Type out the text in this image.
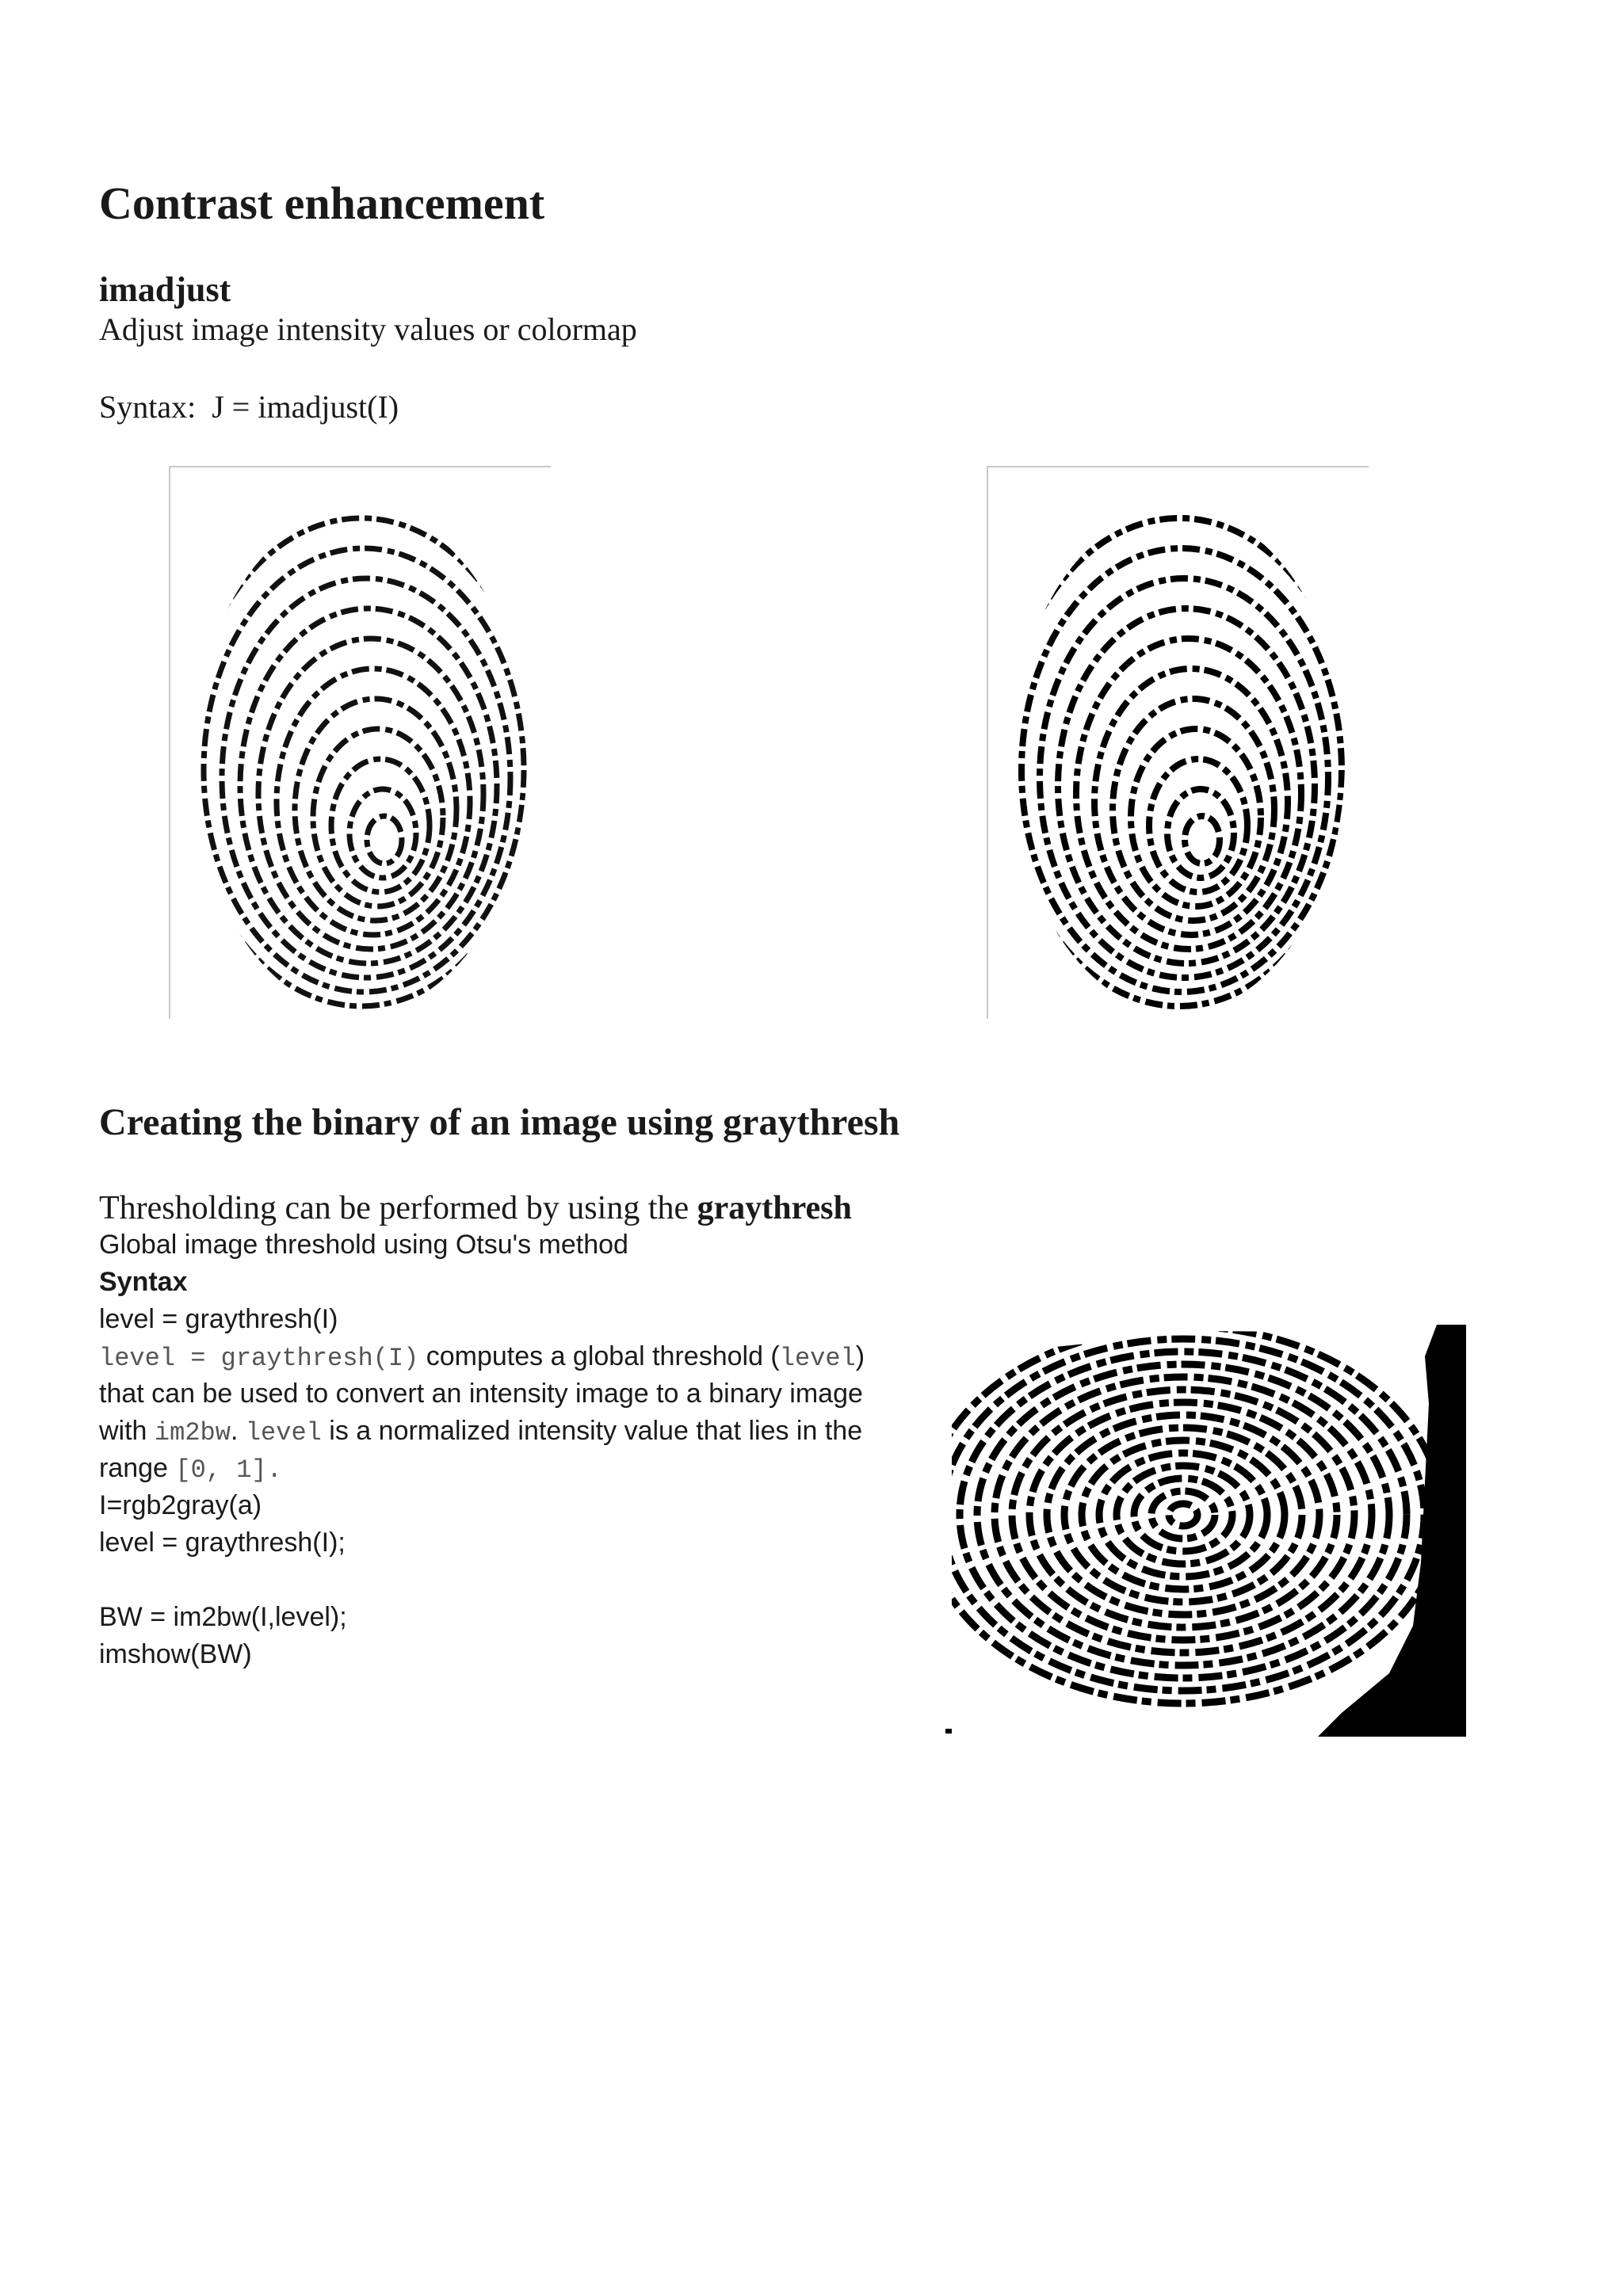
Contrast enhancement
imadjust
Adjust image intensity values or colormap
Syntax:  J = imadjust(I)
Creating the binary of an image using graythresh

Thresholding can be performed by using the graythresh

Global image threshold using Otsu's method

Syntax

level = graythresh(I)

level = graythresh(I) computes a global threshold (level)

that can be used to convert an intensity image to a binary image

with im2bw. level is a normalized intensity value that lies in the

range [0, 1].

I=rgb2gray(a)

level = graythresh(I);

BW = im2bw(I,level);

imshow(BW)
